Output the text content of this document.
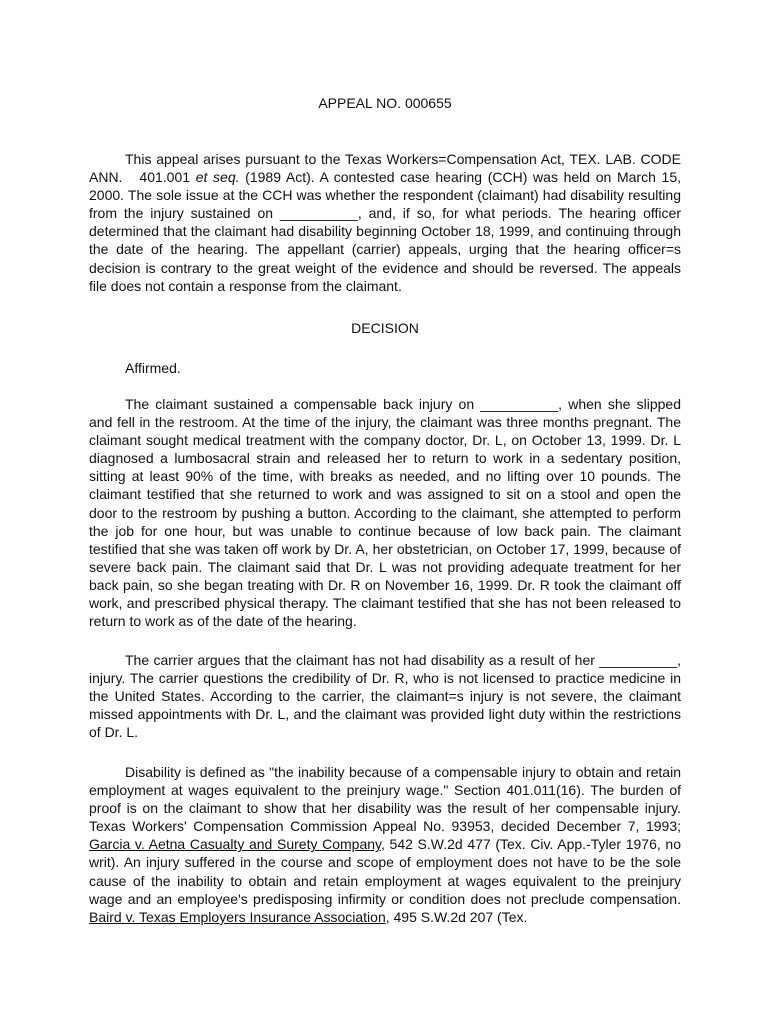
APPEAL NO. 000655

This appeal arises pursuant to the Texas Workers=Compensation Act, TEX. LAB. CODE ANN.   401.001 et seq. (1989 Act). A contested case hearing (CCH) was held on March 15, 2000. The sole issue at the CCH was whether the respondent (claimant) had disability resulting from the injury sustained on __________, and, if so, for what periods. The hearing officer determined that the claimant had disability beginning October 18, 1999, and continuing through the date of the hearing. The appellant (carrier) appeals, urging that the hearing officer=s decision is contrary to the great weight of the evidence and should be reversed. The appeals file does not contain a response from the claimant.

DECISION

Affirmed.

The claimant sustained a compensable back injury on __________, when she slipped and fell in the restroom. At the time of the injury, the claimant was three months pregnant. The claimant sought medical treatment with the company doctor, Dr. L, on October 13, 1999. Dr. L diagnosed a lumbosacral strain and released her to return to work in a sedentary position, sitting at least 90% of the time, with breaks as needed, and no lifting over 10 pounds. The claimant testified that she returned to work and was assigned to sit on a stool and open the door to the restroom by pushing a button. According to the claimant, she attempted to perform the job for one hour, but was unable to continue because of low back pain. The claimant testified that she was taken off work by Dr. A, her obstetrician, on October 17, 1999, because of severe back pain. The claimant said that Dr. L was not providing adequate treatment for her back pain, so she began treating with Dr. R on November 16, 1999. Dr. R took the claimant off work, and prescribed physical therapy. The claimant testified that she has not been released to return to work as of the date of the hearing.

The carrier argues that the claimant has not had disability as a result of her __________, injury. The carrier questions the credibility of Dr. R, who is not licensed to practice medicine in the United States. According to the carrier, the claimant=s injury is not severe, the claimant missed appointments with Dr. L, and the claimant was provided light duty within the restrictions of Dr. L.

Disability is defined as "the inability because of a compensable injury to obtain and retain employment at wages equivalent to the preinjury wage." Section 401.011(16). The burden of proof is on the claimant to show that her disability was the result of her compensable injury. Texas Workers' Compensation Commission Appeal No. 93953, decided December 7, 1993; Garcia v. Aetna Casualty and Surety Company, 542 S.W.2d 477 (Tex. Civ. App.-Tyler 1976, no writ). An injury suffered in the course and scope of employment does not have to be the sole cause of the inability to obtain and retain employment at wages equivalent to the preinjury wage and an employee's predisposing infirmity or condition does not preclude compensation. Baird v. Texas Employers Insurance Association, 495 S.W.2d 207 (Tex.
